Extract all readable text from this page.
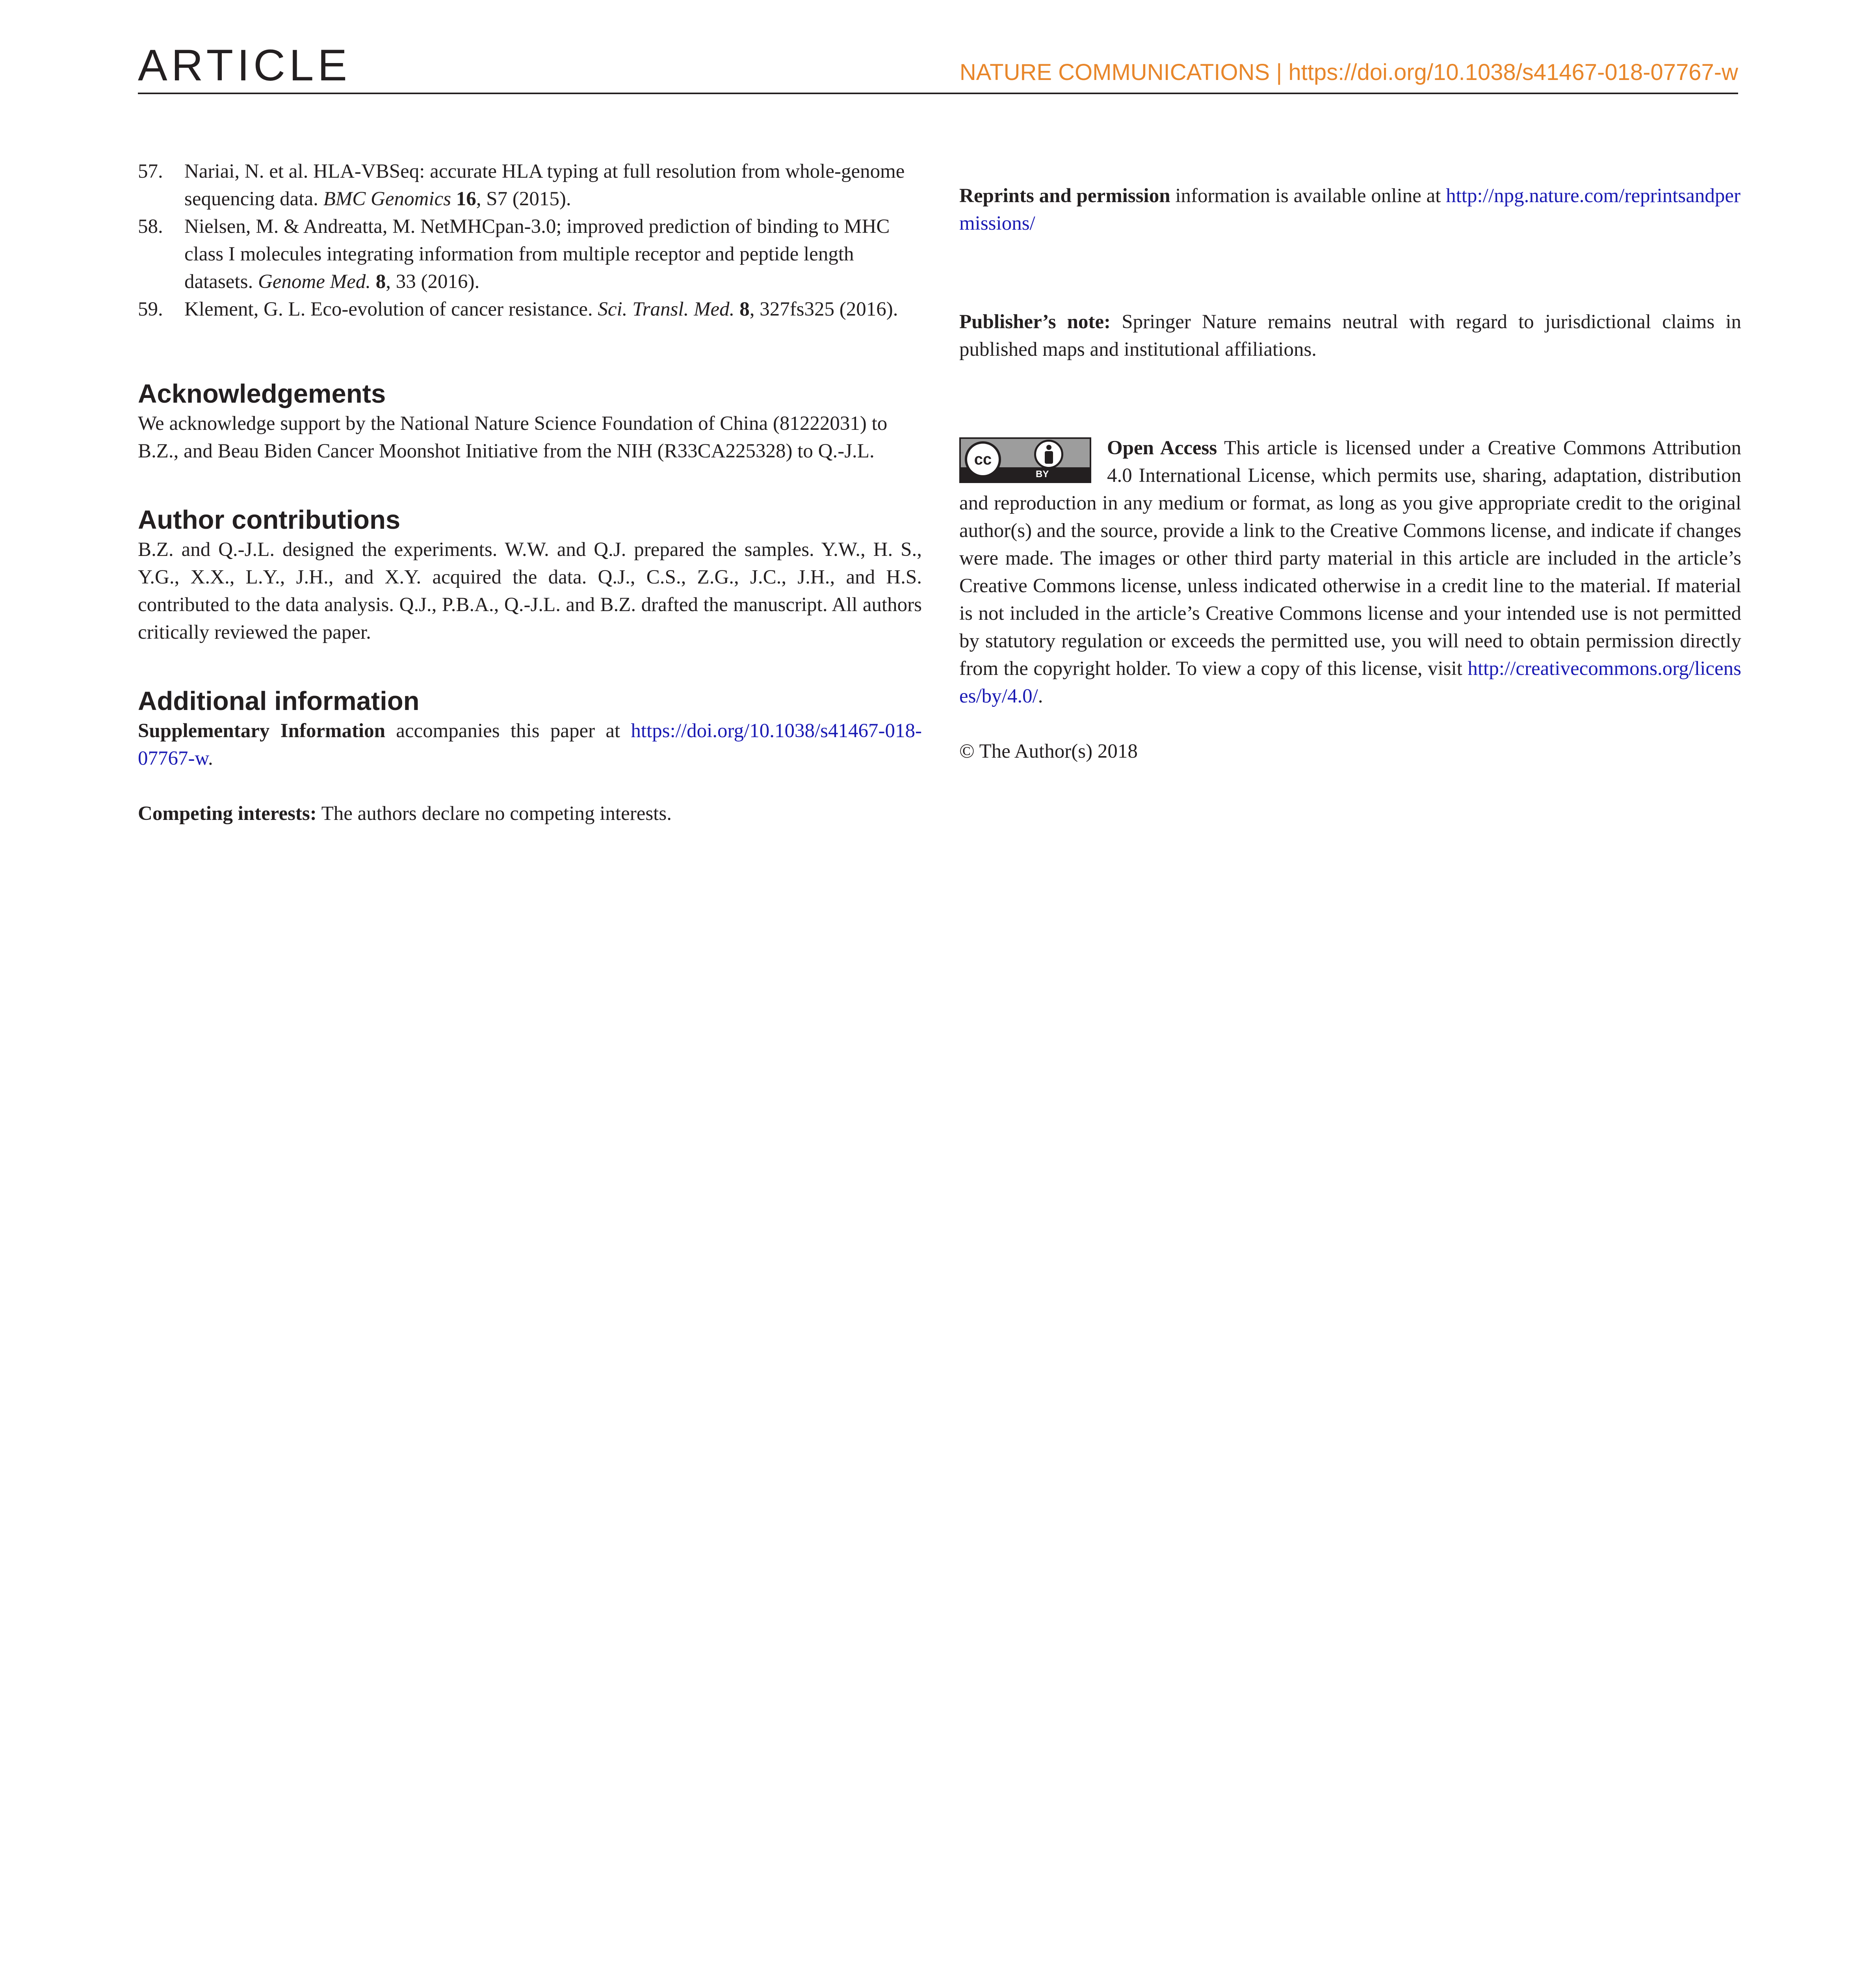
ARTICLE	NATURE COMMUNICATIONS | https://doi.org/10.1038/s41467-018-07767-w
57. Nariai, N. et al. HLA-VBSeq: accurate HLA typing at full resolution from whole-genome sequencing data. BMC Genomics 16, S7 (2015).
58. Nielsen, M. & Andreatta, M. NetMHCpan-3.0; improved prediction of binding to MHC class I molecules integrating information from multiple receptor and peptide length datasets. Genome Med. 8, 33 (2016).
59. Klement, G. L. Eco-evolution of cancer resistance. Sci. Transl. Med. 8, 327fs325 (2016).
Acknowledgements

We acknowledge support by the National Nature Science Foundation of China (81222031) to B.Z., and Beau Biden Cancer Moonshot Initiative from the NIH (R33CA225328) to Q.-J.L.

Author contributions

B.Z. and Q.-J.L. designed the experiments. W.W. and Q.J. prepared the samples. Y.W., H. S., Y.G., X.X., L.Y., J.H., and X.Y. acquired the data. Q.J., C.S., Z.G., J.C., J.H., and H.S. contributed to the data analysis. Q.J., P.B.A., Q.-J.L. and B.Z. drafted the manuscript. All authors critically reviewed the paper.

Additional information

Supplementary Information accompanies this paper at https://doi.org/10.1038/s41467-018-07767-w.

Competing interests: The authors declare no competing interests.

Reprints and permission information is available online at http://npg.nature.com/reprintsandpermissions/

Publisher’s note: Springer Nature remains neutral with regard to jurisdictional claims in published maps and institutional affiliations.

cc
BY

Open Access This article is licensed under a Creative Commons Attribution 4.0 International License, which permits use, sharing, adaptation, distribution and reproduction in any medium or format, as long as you give appropriate credit to the original author(s) and the source, provide a link to the Creative Commons license, and indicate if changes were made. The images or other third party material in this article are included in the article’s Creative Commons license, unless indicated otherwise in a credit line to the material. If material is not included in the article’s Creative Commons license and your intended use is not permitted by statutory regulation or exceeds the permitted use, you will need to obtain permission directly from the copyright holder. To view a copy of this license, visit http://creativecommons.org/licenses/by/4.0/.

© The Author(s) 2018
